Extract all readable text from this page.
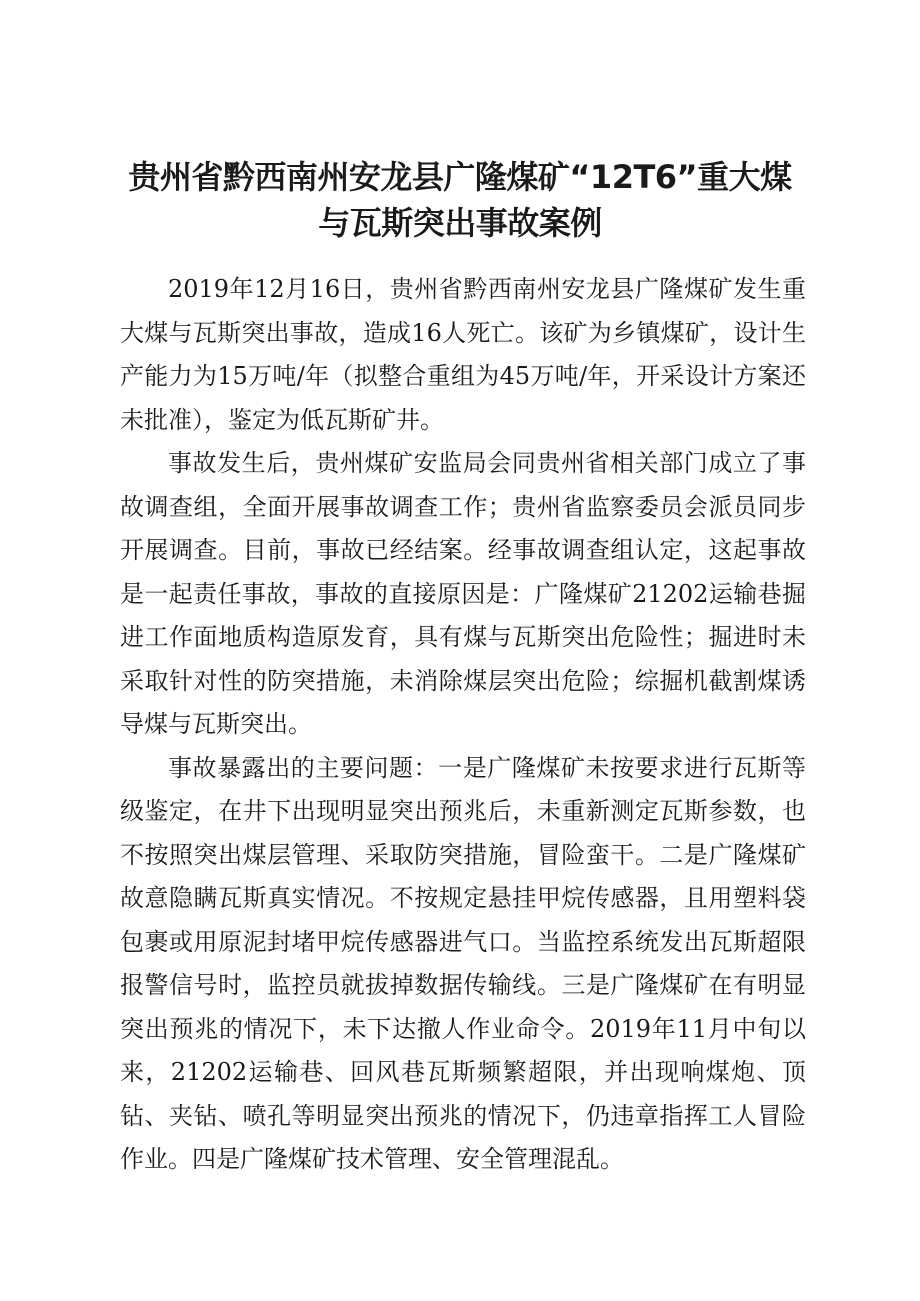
贵州省黔西南州安龙县广隆煤矿“12T6”重大煤
与瓦斯突出事故案例

2019年12月16日，贵州省黔西南州安龙县广隆煤矿发生重大煤与瓦斯突出事故，造成16人死亡。该矿为乡镇煤矿，设计生产能力为15万吨/年（拟整合重组为45万吨/年，开采设计方案还未批准），鉴定为低瓦斯矿井。

事故发生后，贵州煤矿安监局会同贵州省相关部门成立了事故调查组，全面开展事故调查工作；贵州省监察委员会派员同步开展调查。目前，事故已经结案。经事故调查组认定，这起事故是一起责任事故，事故的直接原因是：广隆煤矿21202运输巷掘进工作面地质构造原发育，具有煤与瓦斯突出危险性；掘进时未采取针对性的防突措施，未消除煤层突出危险；综掘机截割煤诱导煤与瓦斯突出。

事故暴露出的主要问题：一是广隆煤矿未按要求进行瓦斯等级鉴定，在井下出现明显突出预兆后，未重新测定瓦斯参数，也不按照突出煤层管理、采取防突措施，冒险蛮干。二是广隆煤矿故意隐瞒瓦斯真实情况。不按规定悬挂甲烷传感器，且用塑料袋包裹或用原泥封堵甲烷传感器进气口。当监控系统发出瓦斯超限报警信号时，监控员就拔掉数据传输线。三是广隆煤矿在有明显突出预兆的情况下，未下达撤人作业命令。2019年11月中旬以来，21202运输巷、回风巷瓦斯频繁超限，并出现响煤炮、顶钻、夹钻、喷孔等明显突出预兆的情况下，仍违章指挥工人冒险作业。四是广隆煤矿技术管理、安全管理混乱。
